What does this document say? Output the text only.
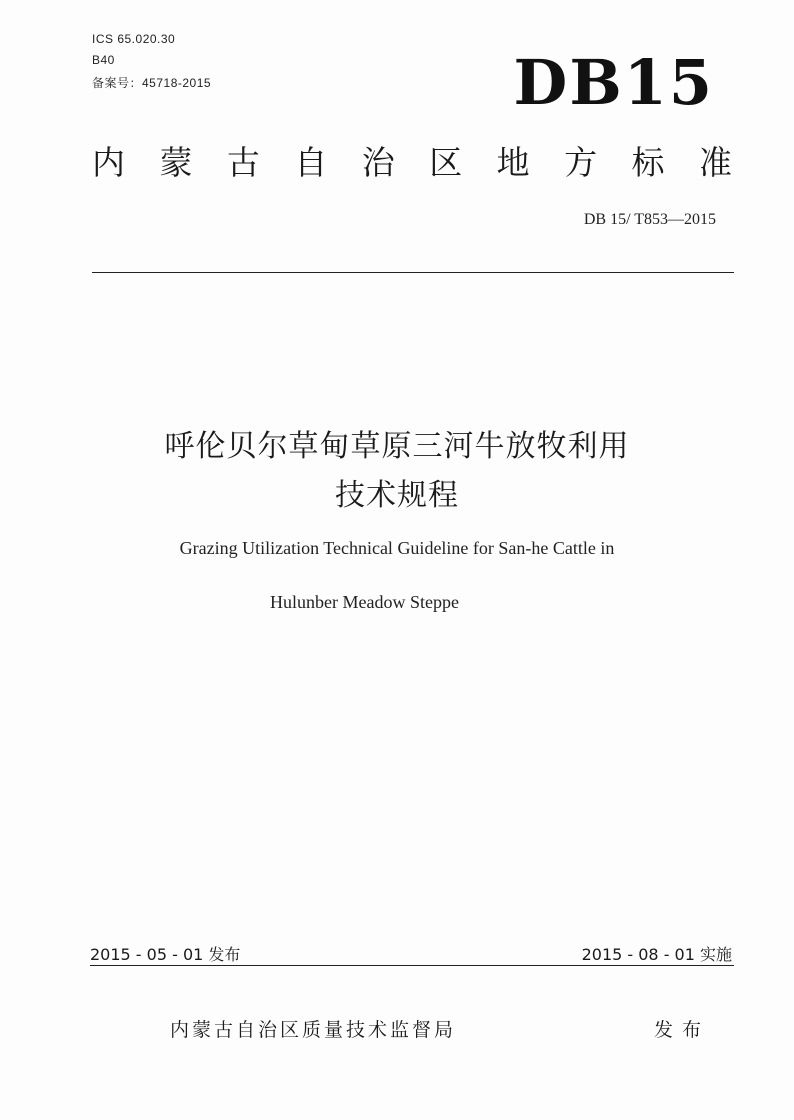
ICS 65.020.30
B40
备案号：45718-2015	DB15
内 蒙 古 自 治 区 地 方 标 准
DB 15/ T853—2015
呼伦贝尔草甸草原三河牛放牧利用
技术规程
Grazing Utilization Technical Guideline for San-he Cattle in
Hulunber Meadow Steppe
2015 - 05 - 01 发布	2015 - 08 - 01 实施
内蒙古自治区质量技术监督局	发布
